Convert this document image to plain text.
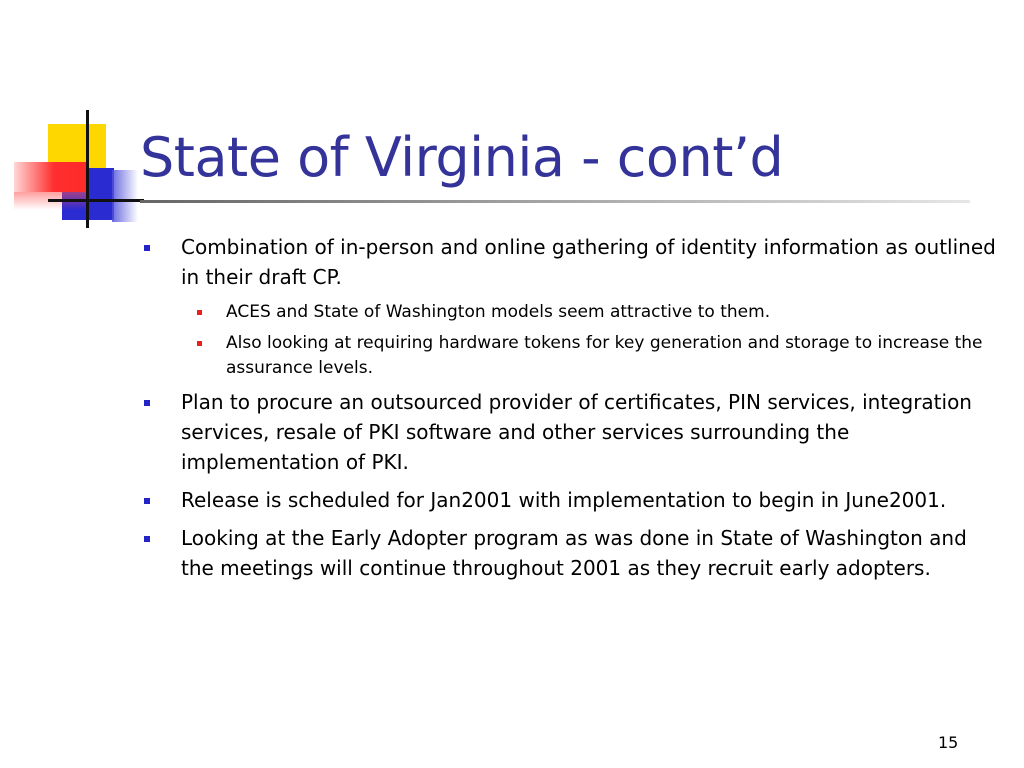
State of Virginia - cont’d
Combination of in-person and online gathering of identity information as outlined in their draft CP.
ACES and State of Washington models seem attractive to them.
Also looking at requiring hardware tokens for key generation and storage to increase the assurance levels.
Plan to procure an outsourced provider of certificates, PIN services, integration services, resale of PKI software and other services surrounding the implementation of PKI.
Release is scheduled for Jan2001 with implementation to begin in June2001.
Looking at the Early Adopter program as was done in State of Washington and the meetings will continue throughout 2001 as they recruit early adopters.
15
